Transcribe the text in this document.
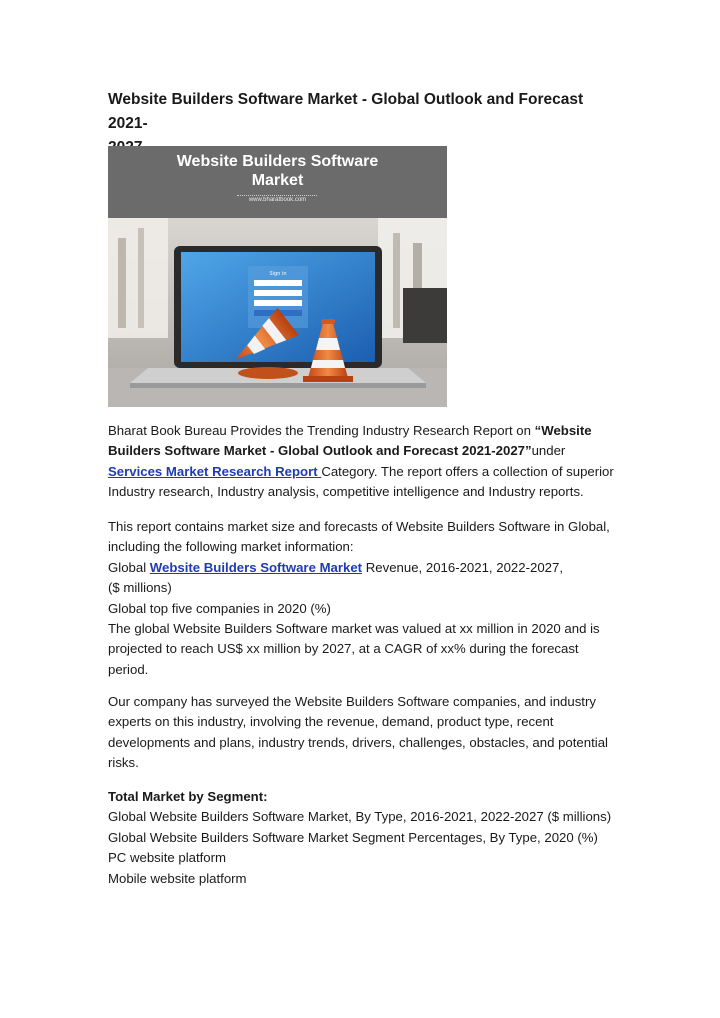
Website Builders Software Market - Global Outlook and Forecast 2021-

Website Builders Software Market
www.bharatbook.com
Sign in

Bharat Book Bureau Provides the Trending Industry Research Report on “Website Builders Software Market - Global Outlook and Forecast 2021-2027”under Services Market Research Report Category. The report offers a collection of superior Industry research, Industry analysis, competitive intelligence and Industry reports.

This report contains market size and forecasts of Website Builders Software in Global,
including the following market information:
Global Website Builders Software Market Revenue, 2016-2021, 2022-2027,
($ millions)
Global top five companies in 2020 (%)
The global Website Builders Software market was valued at xx million in 2020 and is
projected to reach US$ xx million by 2027, at a CAGR of xx% during the forecast
period.

Our company has surveyed the Website Builders Software companies, and industry experts on this industry, involving the revenue, demand, product type, recent developments and plans, industry trends, drivers, challenges, obstacles, and potential risks.

Total Market by Segment:
Global Website Builders Software Market, By Type, 2016-2021, 2022-2027 ($ millions)
Global Website Builders Software Market Segment Percentages, By Type, 2020 (%)
PC website platform
Mobile website platform
